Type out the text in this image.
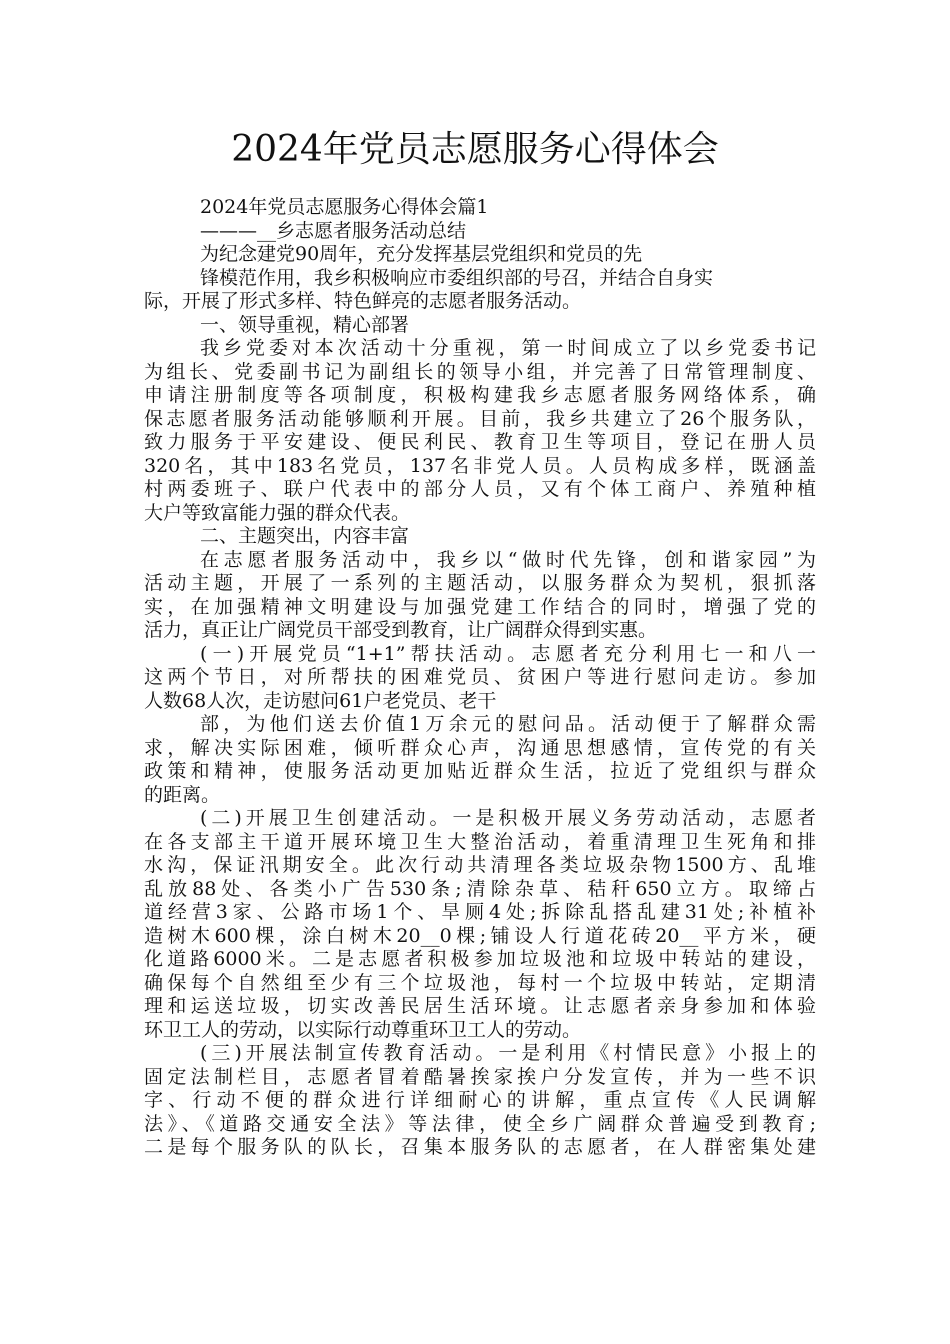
2024年党员志愿服务心得体会
2024年党员志愿服务心得体会篇1
———__乡志愿者服务活动总结
为纪念建党90周年，充分发挥基层党组织和党员的先
锋模范作用，我乡积极响应市委组织部的号召，并结合自身实
际，开展了形式多样、特色鲜亮的志愿者服务活动。
一、领导重视，精心部署
我乡党委对本次活动十分重视，第一时间成立了以乡党委书记
为组长、党委副书记为副组长的领导小组，并完善了日常管理制度、
申请注册制度等各项制度，积极构建我乡志愿者服务网络体系，确
保志愿者服务活动能够顺利开展。目前，我乡共建立了26个服务队，
致力服务于平安建设、便民利民、教育卫生等项目，登记在册人员
320名，其中183名党员，137名非党人员。人员构成多样，既涵盖
村两委班子、联户代表中的部分人员，又有个体工商户、养殖种植
大户等致富能力强的群众代表。
二、主题突出，内容丰富
在志愿者服务活动中，我乡以“做时代先锋，创和谐家园”为
活动主题，开展了一系列的主题活动，以服务群众为契机，狠抓落
实，在加强精神文明建设与加强党建工作结合的同时，增强了党的
活力，真正让广阔党员干部受到教育，让广阔群众得到实惠。
(一)开展党员“1+1”帮扶活动。志愿者充分利用七一和八一
这两个节日，对所帮扶的困难党员、贫困户等进行慰问走访。参加
人数68人次，走访慰问61户老党员、老干
部，为他们送去价值1万余元的慰问品。活动便于了解群众需
求，解决实际困难，倾听群众心声，沟通思想感情，宣传党的有关
政策和精神，使服务活动更加贴近群众生活，拉近了党组织与群众
的距离。
(二)开展卫生创建活动。一是积极开展义务劳动活动，志愿者
在各支部主干道开展环境卫生大整治活动，着重清理卫生死角和排
水沟，保证汛期安全。此次行动共清理各类垃圾杂物1500方、乱堆
乱放88处、各类小广告530条;清除杂草、秸秆650立方。取缔占
道经营3家、公路市场1个、旱厕4处;拆除乱搭乱建31处;补植补
造树木600棵，涂白树木20__0棵;铺设人行道花砖20__平方米，硬
化道路6000米。二是志愿者积极参加垃圾池和垃圾中转站的建设，
确保每个自然组至少有三个垃圾池，每村一个垃圾中转站，定期清
理和运送垃圾，切实改善民居生活环境。让志愿者亲身参加和体验
环卫工人的劳动，以实际行动尊重环卫工人的劳动。
(三)开展法制宣传教育活动。一是利用《村情民意》小报上的
固定法制栏目，志愿者冒着酷暑挨家挨户分发宣传，并为一些不识
字、行动不便的群众进行详细耐心的讲解，重点宣传《人民调解
法》、《道路交通安全法》等法律，使全乡广阔群众普遍受到教育;
二是每个服务队的队长，召集本服务队的志愿者，在人群密集处建
